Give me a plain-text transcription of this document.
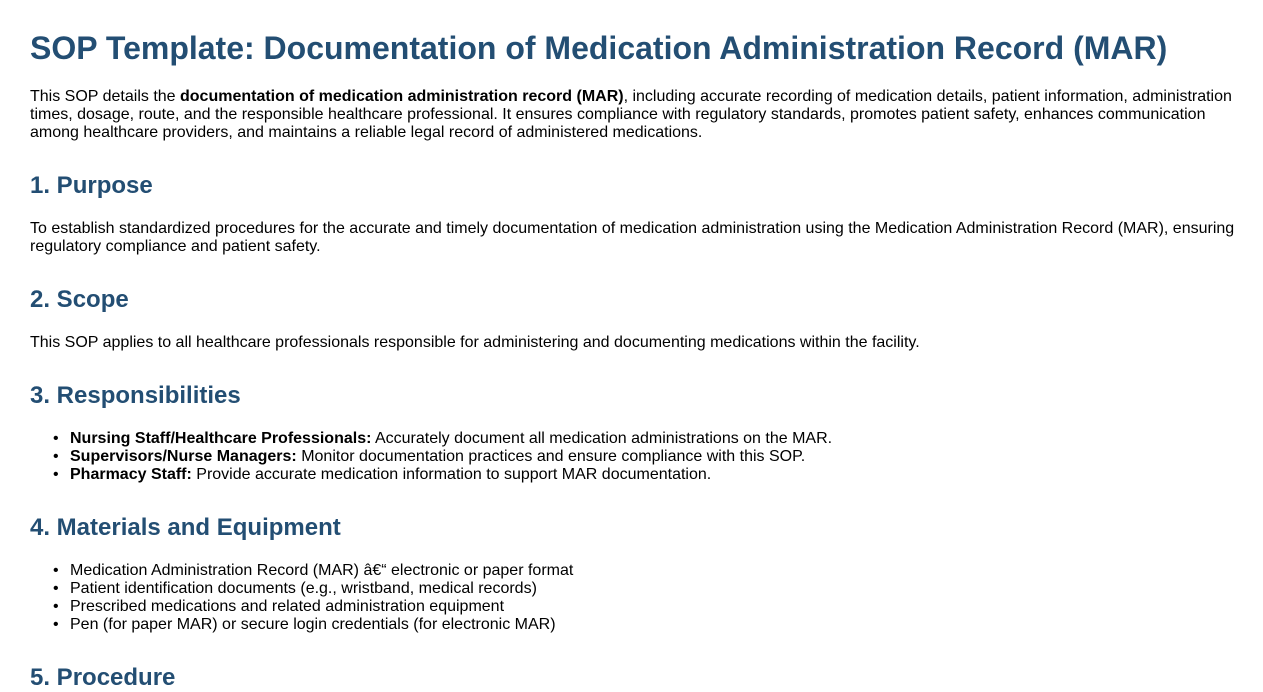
SOP Template: Documentation of Medication Administration Record (MAR)

This SOP details the documentation of medication administration record (MAR), including accurate recording of medication details, patient information, administration times, dosage, route, and the responsible healthcare professional. It ensures compliance with regulatory standards, promotes patient safety, enhances communication among healthcare providers, and maintains a reliable legal record of administered medications.

1. Purpose

To establish standardized procedures for the accurate and timely documentation of medication administration using the Medication Administration Record (MAR), ensuring regulatory compliance and patient safety.

2. Scope

This SOP applies to all healthcare professionals responsible for administering and documenting medications within the facility.

3. Responsibilities
• Nursing Staff/Healthcare Professionals: Accurately document all medication administrations on the MAR.
• Supervisors/Nurse Managers: Monitor documentation practices and ensure compliance with this SOP.
• Pharmacy Staff: Provide accurate medication information to support MAR documentation.
4. Materials and Equipment
• Medication Administration Record (MAR) â€“ electronic or paper format
• Patient identification documents (e.g., wristband, medical records)
• Prescribed medications and related administration equipment
• Pen (for paper MAR) or secure login credentials (for electronic MAR)
5. Procedure
